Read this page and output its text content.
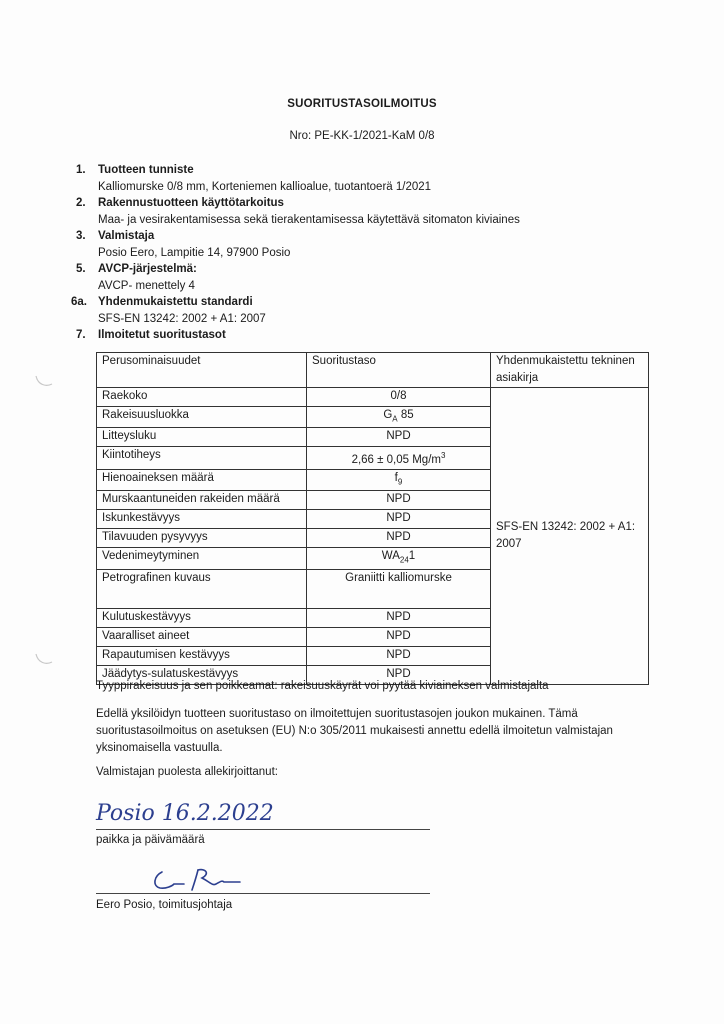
SUORITUSTASOILMOITUS
Nro: PE-KK-1/2021-KaM 0/8
1.	Tuotteen tunniste
Kalliomurske 0/8 mm, Korteniemen kallioalue, tuotantoerä 1/2021
2.	Rakennustuotteen käyttötarkoitus
Maa- ja vesirakentamisessa sekä tierakentamisessa käytettävä sitomaton kiviaines
3.	Valmistaja
Posio Eero, Lampitie 14, 97900 Posio
5.	AVCP-järjestelmä:
AVCP- menettely 4
6a. Yhdenmukaistettu standardi
SFS-EN 13242: 2002 + A1: 2007
7.	Ilmoitetut suoritustasot
Perusominaisuudet	Suoritustaso	Yhdenmukaistettu tekninen asiakirja
Raekoko	0/8	SFS-EN 13242: 2002 + A1: 2007
Rakeisuusluokka	$G_A$ 85	
Litteysluku	NPD	
Kiintotiheys	2,66 ± 0,05 $Mg/m^3$
Hienoaineksen määrä	$f_9$
Murskaantuneiden rakeiden määrä	NPD	
Iskunkestävyys	NPD	
Tilavuuden pysyvyys	NPD	
Vedenimeytyminen	$WA_{24}1$	
Petrografinen kuvaus	Graniitti kalliomurske	
Kulutuskestävyys	NPD	
Vaaralliset aineet	NPD	
Rapautumisen kestävyys	NPD	
Jäädytys-sulatuskestävyys	NPD	

Tyyppirakeisuus ja sen poikkeamat: rakeisuuskäyrät voi pyytää kiviaineksen valmistajalta

Edellä yksilöidyn tuotteen suoritustaso on ilmoitettujen suoritustasojen joukon mukainen. Tämä suoritustasoilmoitus on asetuksen (EU) N:o 305/2011 mukaisesti annettu edellä ilmoitetun valmistajan yksinomaisella vastuulla.

Valmistajan puolesta allekirjoittanut:

Posio 16.2.2022

paikka ja päivämäärä

Eero Posio, toimitusjohtaja
